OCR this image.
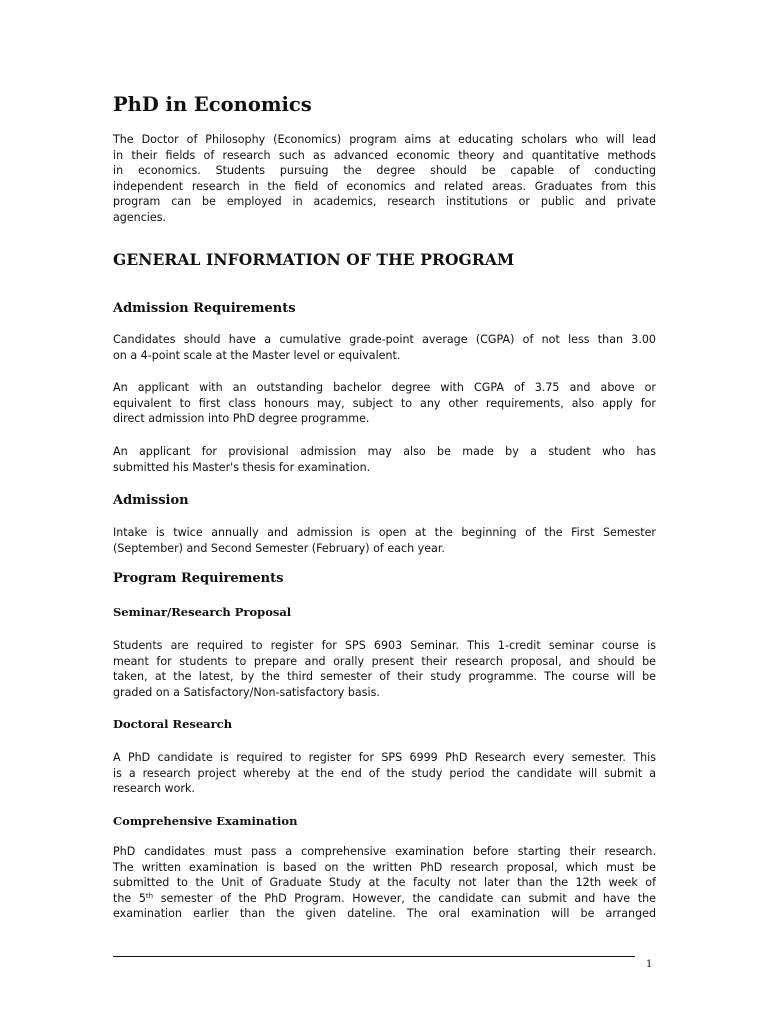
PhD in Economics
The Doctor of Philosophy (Economics) program aims at educating scholars who will lead
in their fields of research such as advanced economic theory and quantitative methods
in economics. Students pursuing the degree should be capable of conducting
independent research in the field of economics and related areas. Graduates from this
program can be employed in academics, research institutions or public and private
agencies.
GENERAL INFORMATION OF THE PROGRAM
Admission Requirements
Candidates should have a cumulative grade-point average (CGPA) of not less than 3.00
on a 4-point scale at the Master level or equivalent.
An applicant with an outstanding bachelor degree with CGPA of 3.75 and above or
equivalent to first class honours may, subject to any other requirements, also apply for
direct admission into PhD degree programme.
An applicant for provisional admission may also be made by a student who has
submitted his Master's thesis for examination.
Admission
Intake is twice annually and admission is open at the beginning of the First Semester
(September) and Second Semester (February) of each year.
Program Requirements
Seminar/Research Proposal
Students are required to register for SPS 6903 Seminar. This 1-credit seminar course is
meant for students to prepare and orally present their research proposal, and should be
taken, at the latest, by the third semester of their study programme. The course will be
graded on a Satisfactory/Non-satisfactory basis.
Doctoral Research
A PhD candidate is required to register for SPS 6999 PhD Research every semester. This
is a research project whereby at the end of the study period the candidate will submit a
research work.
Comprehensive Examination
PhD candidates must pass a comprehensive examination before starting their research.
The written examination is based on the written PhD research proposal, which must be
submitted to the Unit of Graduate Study at the faculty not later than the 12th week of
the 5th semester of the PhD Program. However, the candidate can submit and have the
examination earlier than the given dateline. The oral examination will be arranged
1
